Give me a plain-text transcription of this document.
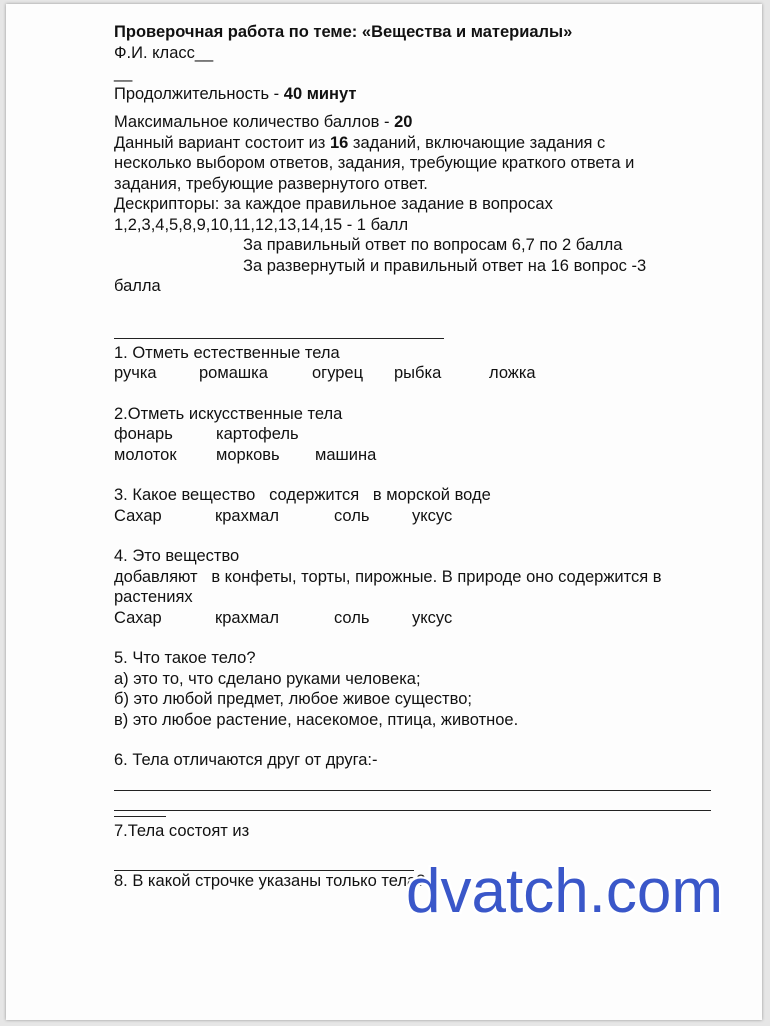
Проверочная работа по теме: «Вещества и материалы»
Ф.И. класс__
__
Продолжительность - 40 минут
Максимальное количество баллов - 20
Данный вариант состоит из 16 заданий, включающие задания с
несколько выбором ответов, задания, требующие краткого ответа и
задания, требующие развернутого ответ.
Дескрипторы: за каждое правильное задание в вопросах
1,2,3,4,5,8,9,10,11,12,13,14,15 - 1 балл
За правильный ответ по вопросам 6,7 по 2 балла
За развернутый и правильный ответ на 16 вопрос -3
балла
1. Отметь естественные тела
ручка	ромашка	огурец рыбка	ложка
2.Отметь искусственные тела
фонарь	картофель
молоток морковь машина
3. Какое вещество   содержится   в морской воде
Сахар	крахмал	соль	уксус
4. Это вещество
добавляют   в конфеты, торты, пирожные. В природе оно содержится в
растениях
Сахар	крахмал	соль	уксус
5. Что такое тело?
а) это то, что сделано руками человека;
б) это любой предмет, любое живое существо;
в) это любое растение, насекомое, птица, животное.
6. Тела отличаются друг от друга:-
7.Тела состоят из
8. В какой строчке указаны только тела?
dvatch.com
